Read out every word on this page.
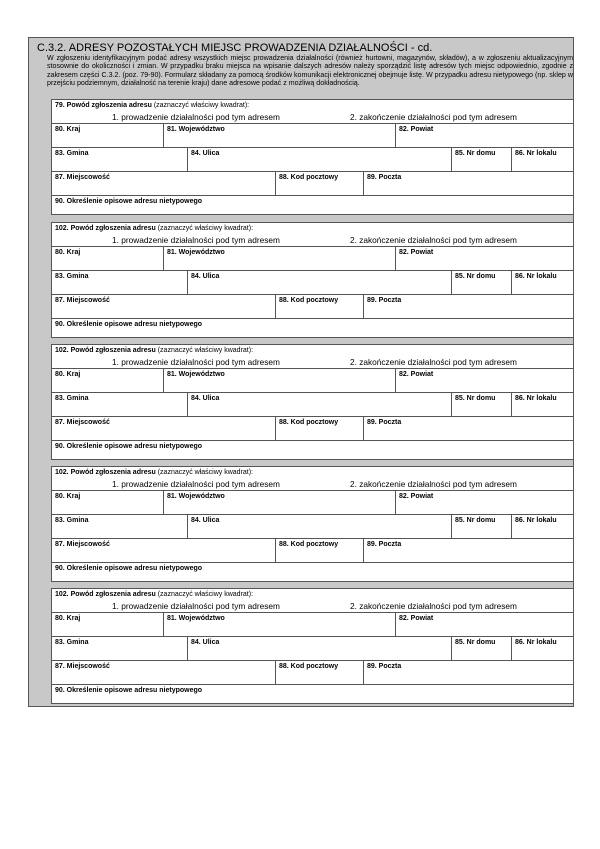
C.3.2. ADRESY POZOSTAŁYCH MIEJSC PROWADZENIA DZIAŁALNOŚCI - cd.
W zgłoszeniu identyfikacyjnym podać adresy wszystkich miejsc prowadzenia działalności (również hurtowni, magazynów, składów), a w zgłoszeniu aktualizacyjnym stosownie do okoliczności i zmian. W przypadku braku miejsca na wpisanie dalszych adresów należy sporządzić listę adresów tych miejsc odpowiednio, zgodnie z zakresem części C.3.2. (poz. 79-90). Formularz składany za pomocą środków komunikacji elektronicznej obejmuje listę. W przypadku adresu nietypowego (np. sklep w przejściu podziemnym, działalność na terenie kraju) dane adresowe podać z możliwą dokładnością.
79. Powód zgłoszenia adresu (zaznaczyć właściwy kwadrat):
1. prowadzenie działalności pod tym adresem	2. zakończenie działalności pod tym adresem
80. Kraj	81. Województwo	82. Powiat
83. Gmina	84. Ulica	85. Nr domu	86. Nr lokalu
87. Miejscowość	88. Kod pocztowy	89. Poczta
90. Określenie opisowe adresu nietypowego
102. Powód zgłoszenia adresu (zaznaczyć właściwy kwadrat):
1. prowadzenie działalności pod tym adresem	2. zakończenie działalności pod tym adresem
80. Kraj	81. Województwo	82. Powiat
83. Gmina	84. Ulica	85. Nr domu	86. Nr lokalu
87. Miejscowość	88. Kod pocztowy	89. Poczta
90. Określenie opisowe adresu nietypowego
102. Powód zgłoszenia adresu (zaznaczyć właściwy kwadrat):
1. prowadzenie działalności pod tym adresem	2. zakończenie działalności pod tym adresem
80. Kraj	81. Województwo	82. Powiat
83. Gmina	84. Ulica	85. Nr domu	86. Nr lokalu
87. Miejscowość	88. Kod pocztowy	89. Poczta
90. Określenie opisowe adresu nietypowego
102. Powód zgłoszenia adresu (zaznaczyć właściwy kwadrat):
1. prowadzenie działalności pod tym adresem	2. zakończenie działalności pod tym adresem
80. Kraj	81. Województwo	82. Powiat
83. Gmina	84. Ulica	85. Nr domu	86. Nr lokalu
87. Miejscowość	88. Kod pocztowy	89. Poczta
90. Określenie opisowe adresu nietypowego
102. Powód zgłoszenia adresu (zaznaczyć właściwy kwadrat):
1. prowadzenie działalności pod tym adresem	2. zakończenie działalności pod tym adresem
80. Kraj	81. Województwo	82. Powiat
83. Gmina	84. Ulica	85. Nr domu	86. Nr lokalu
87. Miejscowość	88. Kod pocztowy	89. Poczta
90. Określenie opisowe adresu nietypowego
